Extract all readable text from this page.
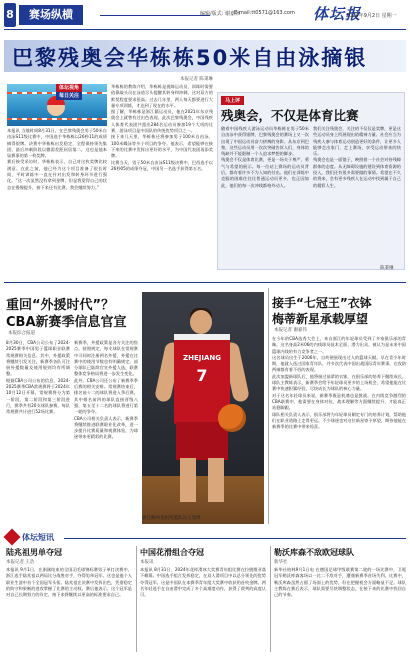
8	赛场纵横	编辑/版式: 谢嘉伟
E-mail:tt0571@163.com 体坛报
2024年9月2日 星期一
巴黎残奥会华栋栋50米自由泳摘银
本报记者 陈秉琳
体坛视角
每日关注

本报讯 当地时间8月31日，在巴黎残奥会男子50米自由泳S11级比赛中，中国选手华栋栋以26秒11的成绩摘得银牌。决赛中华栋栋出发稳定，全程保持领先集团，最后冲刺阶段以微弱差距屈居第二，这也是他本届赛事的第一枚奖牌。

赛后接受采访时，华栋栋表示，自己对这枚奖牌比较满意。在此之前，他已经为这个项目准备了很长时间，平时训练中一直在针对出发和转身环节进行强化。“这一次虽然没有拿到金牌，但是我觉得自己的状态在慢慢提升，接下来还有比赛，我会继续努力。”

华栋栋的教练介绍，华栋栋是视障运动员，训练时需要依靠敲头员在泳道尽头提醒其转身和冲刺，这对双方的默契程度要求很高。过去几年里，两人每天都要进行大量专项训练，才达到了现在的水平。

据了解，华栋栋是浙江籍运动员，他在2021年东京残奥会上就曾有过出色表现。此次巴黎残奥会，中国残疾人体育代表团共派出284名运动员参加19个大项的比赛，游泳项目是中国队的传统优势项目之一。

接下来几天里，华栋栋还将参加男子100米自由泳、100米蝶泳等多个项目的争夺。他表示，希望能够在接下来的比赛中发挥出更好的水平，为中国代表团再添奖牌。

比赛当天，男子50米自由泳S11级决赛中，巴西选手以26秒05的成绩夺冠，中国另一名选手获得第五名。

马上评
残奥会，不仅是体育比赛

随着中国残疾人游泳运动员华栋栋在男子50米自由泳中获得银牌，巴黎残奥会的赛场上又一次出现了中国运动员奋力拼搏的身影。从东京到巴黎，这些运动员用一次次突破告诉人们，身体的残缺并不能限制一个人追求梦想的脚步。

残奥会不仅是体育比赛，更是一场关于尊严、勇气与希望的展示。每一位站上赛场的运动员背后，都有着许多不为人知的付出。他们在训练中克服的困难往往比普通运动员更多，也正因如此，他们的每一次冲线都格外动人。

我们关注残奥会，关注的不仅仅是奖牌，更是这些运动员身上所展现出的精神力量。社会应当为残疾人参与体育运动创造更好的条件，让更多人能够走出家门、走上赛场，享受运动带来的快乐。

残奥会也是一面镜子，映照着一个社会对待残障群体的态度。从无障碍设施的建设到体育资源的投入，我们还有很多需要做的事情。希望在不久的将来，会有更多残疾人在运动中找到属于自己的精彩人生。

陈秉琳
重回“外援时代”？
CBA新赛季信息官宣
本报综合报道

8月30日，CBA公司公布了2024-2025赛季中国男子篮球职业联赛常规赛相关信息。其中，外援政策将继续引发关注，新赛季各队可注册外援数量及使用规则均有所调整。

根据CBA公司公布的信息，2024-2025赛季CBA常规赛将于2024年10月12日开幕，常规赛将分为第一阶段、第二阶段和第三阶段进行，赛季共有20支球队参赛，每队常规赛共计进行52场比赛。

新赛季，外援政策是各方关注的焦点。按照规定，每支球队在常规赛中可同时注册两名外援，外援在比赛中的使用节数也有明确规定。部分球队已陆续官宣外援人选，联赛整体竞争格局将进一步发生变化。

此外，CBA公司还公布了新赛季季后赛的相关安排。常规赛结束后，排名前十二的球队将进入季后赛，其中排名前四的球队直接晋级八强，第五至十二名的球队将进行第一轮的争夺。

CBA公司相关负责人表示，新赛季将继续推进联赛职业化改革，进一步提升比赛质量和观赛体验，为球迷带来更精彩的比赛。

ZHEJIANG
7
浙江稠州金租男篮队员王奕博
接手“七冠王”衣钵
梅蒂新星承载厚望
本报记者 谢嘉伟

在今年的CBA选秀大会上，来自浙江的年轻球员受到了多家俱乐部的青睐。这名身高2米06的内线球员技术全面、潜力出众，被认为是未来中国篮球内线的有力竞争者之一。

这名球员出生于2006年，自幼便展现出过人的篮球天赋。早在青少年时期，他就入选过国家青年队，并多次代表中国出战国际青年赛事，在攻防两端都有着不俗的表现。

此次加盟新球队后，他将接过前辈的衣钵，在俱乐部的培养下继续成长。球队主教练表示，新赛季会给予年轻球员更多的上场机会，希望他能在比赛中快速积累经验，尽快成长为球队的核心力量。

对于这名年轻球员来说，新赛季既是机遇也是挑战。在内线竞争激烈的CBA联赛中，他需要在身体对抗、战术理解等方面继续提升，才能真正站稳脚跟。

球队相关负责人表示，俱乐部将为年轻球员制定专门的培养计划，帮助他们在职业道路上走得更远。不少球迷也对这位新星寄予厚望，期待他能在新赛季的比赛中带来惊喜。

体坛短讯
陆兆祖男单夺冠
本报记者 王浩
本报讯 9月1日，在刚刚结束的全国羽毛球锦标赛男子单打决赛中，浙江选手陆兆祖以两局比分战胜对手，夺得男单冠军。这也是他个人职业生涯中首个全国冠军头衔。陆兆祖在决赛中发挥出色，凭借稳定的防守和果断的进攻掌握了比赛的主动权。赛后他表示，这个冠军是对自己长期努力的肯定，接下来将继续以更高的标准要求自己。
中国花滑组合夺冠
本报讯
本报讯 8月31日，2024年花样滑冰大奖赛青年组比赛在拉脱维亚落下帷幕。中国选手组合发挥稳定，在双人滑项目中以总分领先的优势夺得冠军。这是中国队在本赛季青年组大奖赛中收获的首枚金牌。两名年轻选手在自由滑中完成了多个高难度动作，获得了裁判的高度认可。
勒沃库森不敌欧冠球队
新华社
新华社柏林9月1日电 在德国足球甲级联赛第二轮的一场比赛中，卫冕冠军勒沃库森客场以一比二不敌对手，遭遇新赛季首场失利。比赛中，勒沃库森虽然占据了场面上的优势，但在把握机会方面略显不足。球队主教练在赛后表示，球队需要尽快调整状态，在接下来的比赛中找回自己的节奏。
